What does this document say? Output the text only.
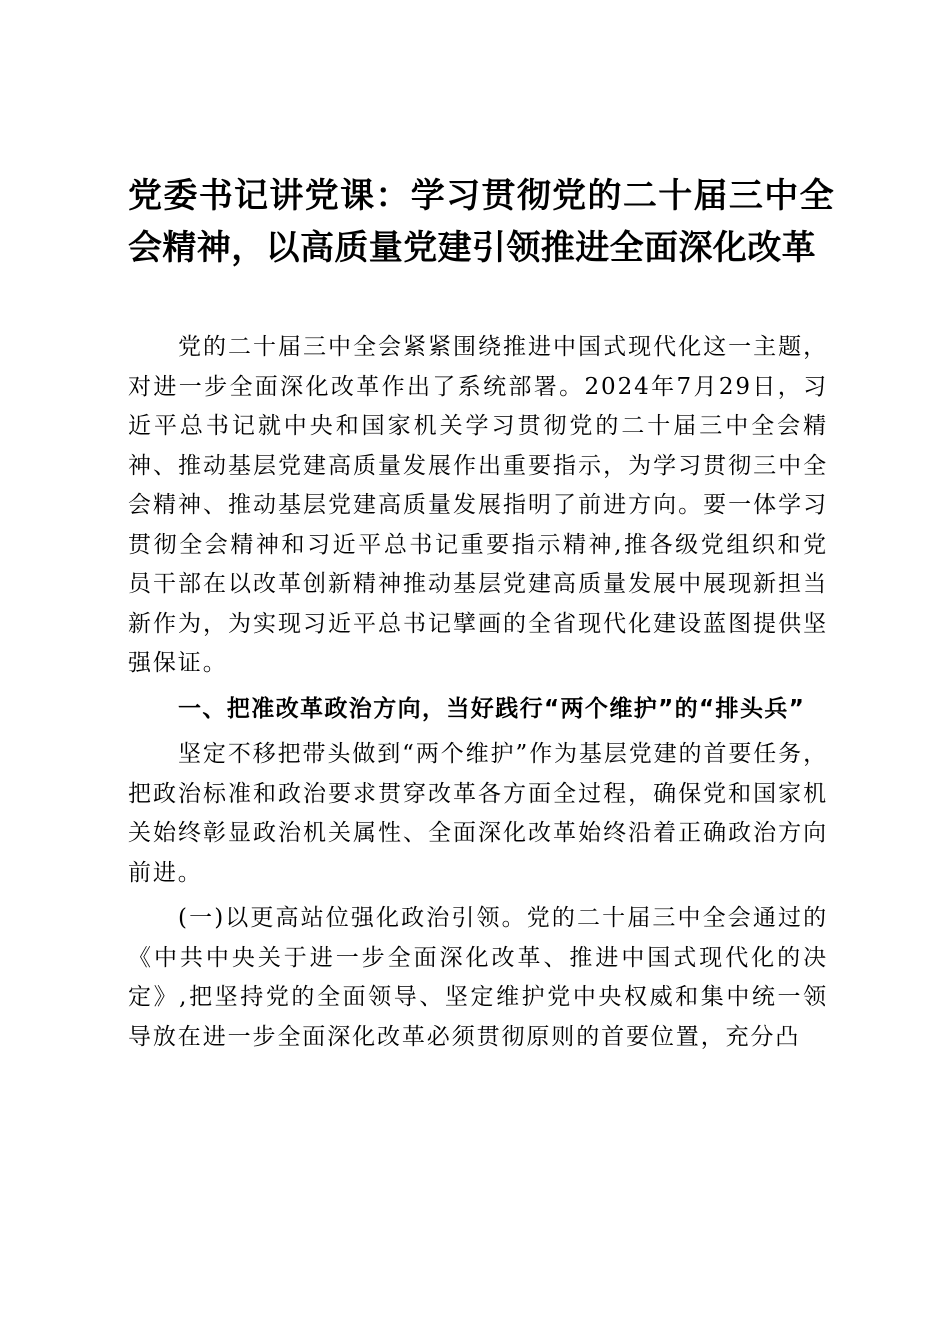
党委书记讲党课：学习贯彻党的二十届三中全会精神，以高质量党建引领推进全面深化改革

党的二十届三中全会紧紧围绕推进中国式现代化这一主题，对进一步全面深化改革作出了系统部署。2024年7月29日，习近平总书记就中央和国家机关学习贯彻党的二十届三中全会精神、推动基层党建高质量发展作出重要指示，为学习贯彻三中全会精神、推动基层党建高质量发展指明了前进方向。要一体学习贯彻全会精神和习近平总书记重要指示精神,推各级党组织和党员干部在以改革创新精神推动基层党建高质量发展中展现新担当新作为，为实现习近平总书记擘画的全省现代化建设蓝图提供坚强保证。

一、把准改革政治方向，当好践行“两个维护”的“排头兵”

坚定不移把带头做到“两个维护”作为基层党建的首要任务，把政治标准和政治要求贯穿改革各方面全过程，确保党和国家机关始终彰显政治机关属性、全面深化改革始终沿着正确政治方向前进。

(一)以更高站位强化政治引领。党的二十届三中全会通过的《中共中央关于进一步全面深化改革、推进中国式现代化的决定》,把坚持党的全面领导、坚定维护党中央权威和集中统一领导放在进一步全面深化改革必须贯彻原则的首要位置，充分凸
